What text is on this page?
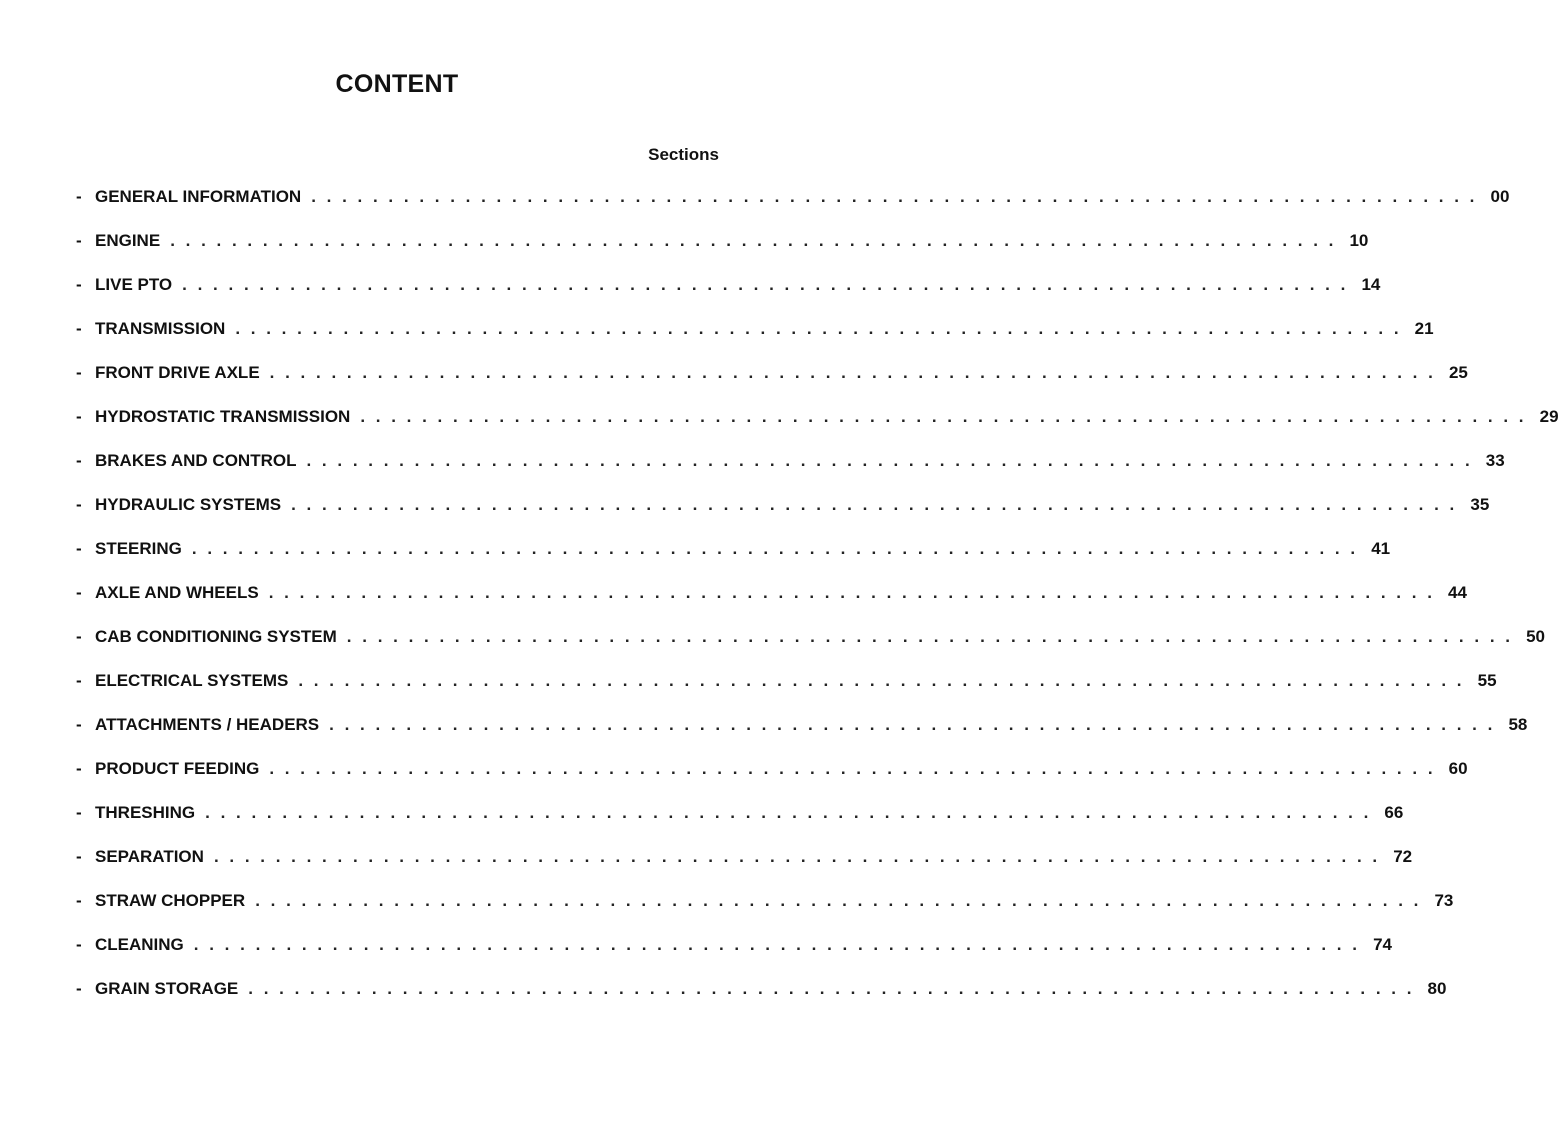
CONTENT
Sections
- GENERAL INFORMATION . . . . . . . . . . . . . . . . . . . . . . . . . . . . . . . . . . . . . . . . . . . . . . . . . . . . . . . . . . . . . . . . . . . . . . . . . . . . 00
- ENGINE . . . . . . . . . . . . . . . . . . . . . . . . . . . . . . . . . . . . . . . . . . . . . . . . . . . . . . . . . . . . . . . . . . . . . . . . . . . . 10
- LIVE PTO . . . . . . . . . . . . . . . . . . . . . . . . . . . . . . . . . . . . . . . . . . . . . . . . . . . . . . . . . . . . . . . . . . . . . . . . . . . . 14
- TRANSMISSION . . . . . . . . . . . . . . . . . . . . . . . . . . . . . . . . . . . . . . . . . . . . . . . . . . . . . . . . . . . . . . . . . . . . . . . . . . . . 21
- FRONT DRIVE AXLE . . . . . . . . . . . . . . . . . . . . . . . . . . . . . . . . . . . . . . . . . . . . . . . . . . . . . . . . . . . . . . . . . . . . . . . . . . . . 25
- HYDROSTATIC TRANSMISSION . . . . . . . . . . . . . . . . . . . . . . . . . . . . . . . . . . . . . . . . . . . . . . . . . . . . . . . . . . . . . . . . . . . . . . . . . . . . 29
- BRAKES AND CONTROL . . . . . . . . . . . . . . . . . . . . . . . . . . . . . . . . . . . . . . . . . . . . . . . . . . . . . . . . . . . . . . . . . . . . . . . . . . . . 33
- HYDRAULIC SYSTEMS . . . . . . . . . . . . . . . . . . . . . . . . . . . . . . . . . . . . . . . . . . . . . . . . . . . . . . . . . . . . . . . . . . . . . . . . . . . . 35
- STEERING . . . . . . . . . . . . . . . . . . . . . . . . . . . . . . . . . . . . . . . . . . . . . . . . . . . . . . . . . . . . . . . . . . . . . . . . . . . . 41
- AXLE AND WHEELS . . . . . . . . . . . . . . . . . . . . . . . . . . . . . . . . . . . . . . . . . . . . . . . . . . . . . . . . . . . . . . . . . . . . . . . . . . . . 44
- CAB CONDITIONING SYSTEM . . . . . . . . . . . . . . . . . . . . . . . . . . . . . . . . . . . . . . . . . . . . . . . . . . . . . . . . . . . . . . . . . . . . . . . . . . . . 50
- ELECTRICAL SYSTEMS . . . . . . . . . . . . . . . . . . . . . . . . . . . . . . . . . . . . . . . . . . . . . . . . . . . . . . . . . . . . . . . . . . . . . . . . . . . . 55
- ATTACHMENTS / HEADERS . . . . . . . . . . . . . . . . . . . . . . . . . . . . . . . . . . . . . . . . . . . . . . . . . . . . . . . . . . . . . . . . . . . . . . . . . . . . 58
- PRODUCT FEEDING . . . . . . . . . . . . . . . . . . . . . . . . . . . . . . . . . . . . . . . . . . . . . . . . . . . . . . . . . . . . . . . . . . . . . . . . . . . . 60
- THRESHING . . . . . . . . . . . . . . . . . . . . . . . . . . . . . . . . . . . . . . . . . . . . . . . . . . . . . . . . . . . . . . . . . . . . . . . . . . . . 66
- SEPARATION . . . . . . . . . . . . . . . . . . . . . . . . . . . . . . . . . . . . . . . . . . . . . . . . . . . . . . . . . . . . . . . . . . . . . . . . . . . . 72
- STRAW CHOPPER . . . . . . . . . . . . . . . . . . . . . . . . . . . . . . . . . . . . . . . . . . . . . . . . . . . . . . . . . . . . . . . . . . . . . . . . . . . . 73
- CLEANING . . . . . . . . . . . . . . . . . . . . . . . . . . . . . . . . . . . . . . . . . . . . . . . . . . . . . . . . . . . . . . . . . . . . . . . . . . . . 74
- GRAIN STORAGE . . . . . . . . . . . . . . . . . . . . . . . . . . . . . . . . . . . . . . . . . . . . . . . . . . . . . . . . . . . . . . . . . . . . . . . . . . . . 80
